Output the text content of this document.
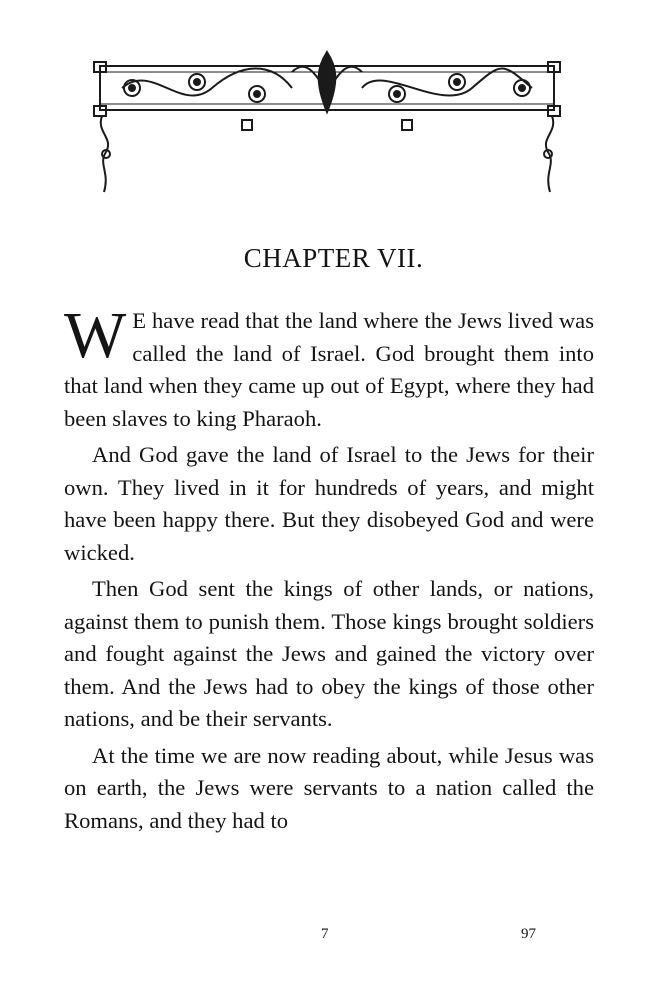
CHAPTER VII.

W E have read that the land where the Jews lived was called the land of Israel. God brought them into that land when they came up out of Egypt, where they had been slaves to king Pharaoh.

And God gave the land of Israel to the Jews for their own. They lived in it for hundreds of years, and might have been happy there. But they disobeyed God and were wicked.

Then God sent the kings of other lands, or nations, against them to punish them. Those kings brought soldiers and fought against the Jews and gained the victory over them. And the Jews had to obey the kings of those other nations, and be their servants.

At the time we are now reading about, while Jesus was on earth, the Jews were servants to a nation called the Romans, and they had to

7	97
